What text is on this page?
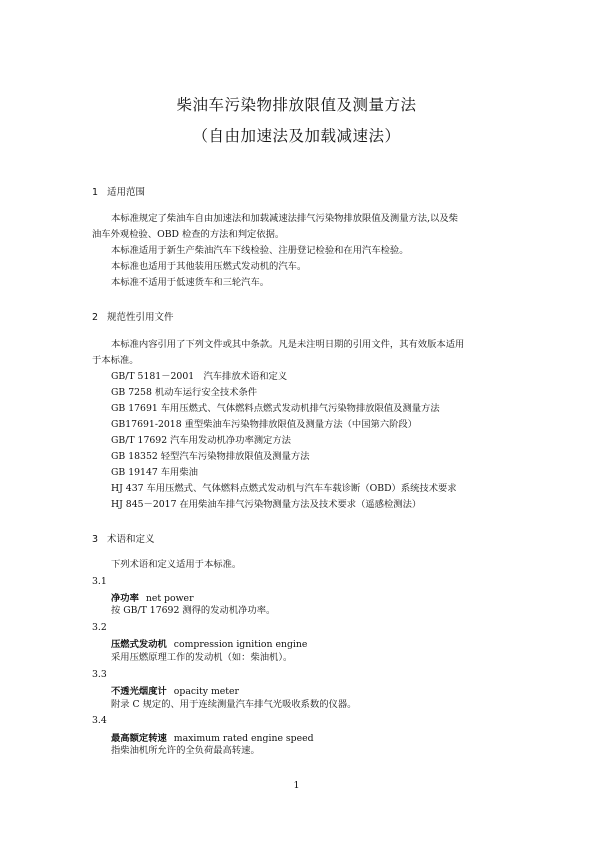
柴油车污染物排放限值及测量方法
（自由加速法及加载减速法）
1 适用范围
本标准规定了柴油车自由加速法和加载减速法排气污染物排放限值及测量方法,以及柴
油车外观检验、OBD 检查的方法和判定依据。
本标准适用于新生产柴油汽车下线检验、注册登记检验和在用汽车检验。
本标准也适用于其他装用压燃式发动机的汽车。
本标准不适用于低速货车和三轮汽车。
2 规范性引用文件
本标准内容引用了下列文件或其中条款。凡是未注明日期的引用文件，其有效版本适用
于本标准。
GB/T 5181－2001　汽车排放术语和定义
GB 7258 机动车运行安全技术条件
GB 17691 车用压燃式、气体燃料点燃式发动机排气污染物排放限值及测量方法
GB17691-2018 重型柴油车污染物排放限值及测量方法（中国第六阶段）
GB/T 17692 汽车用发动机净功率测定方法
GB 18352 轻型汽车污染物排放限值及测量方法
GB 19147 车用柴油
HJ 437 车用压燃式、气体燃料点燃式发动机与汽车车载诊断（OBD）系统技术要求
HJ 845－2017 在用柴油车排气污染物测量方法及技术要求（遥感检测法）
3 术语和定义
下列术语和定义适用于本标准。
3.1
净功率 net power
按 GB/T 17692 测得的发动机净功率。
3.2
压燃式发动机 compression ignition engine
采用压燃原理工作的发动机（如：柴油机）。
3.3
不透光烟度计 opacity meter
附录 C 规定的、用于连续测量汽车排气光吸收系数的仪器。
3.4
最高额定转速 maximum rated engine speed
指柴油机所允许的全负荷最高转速。
1
